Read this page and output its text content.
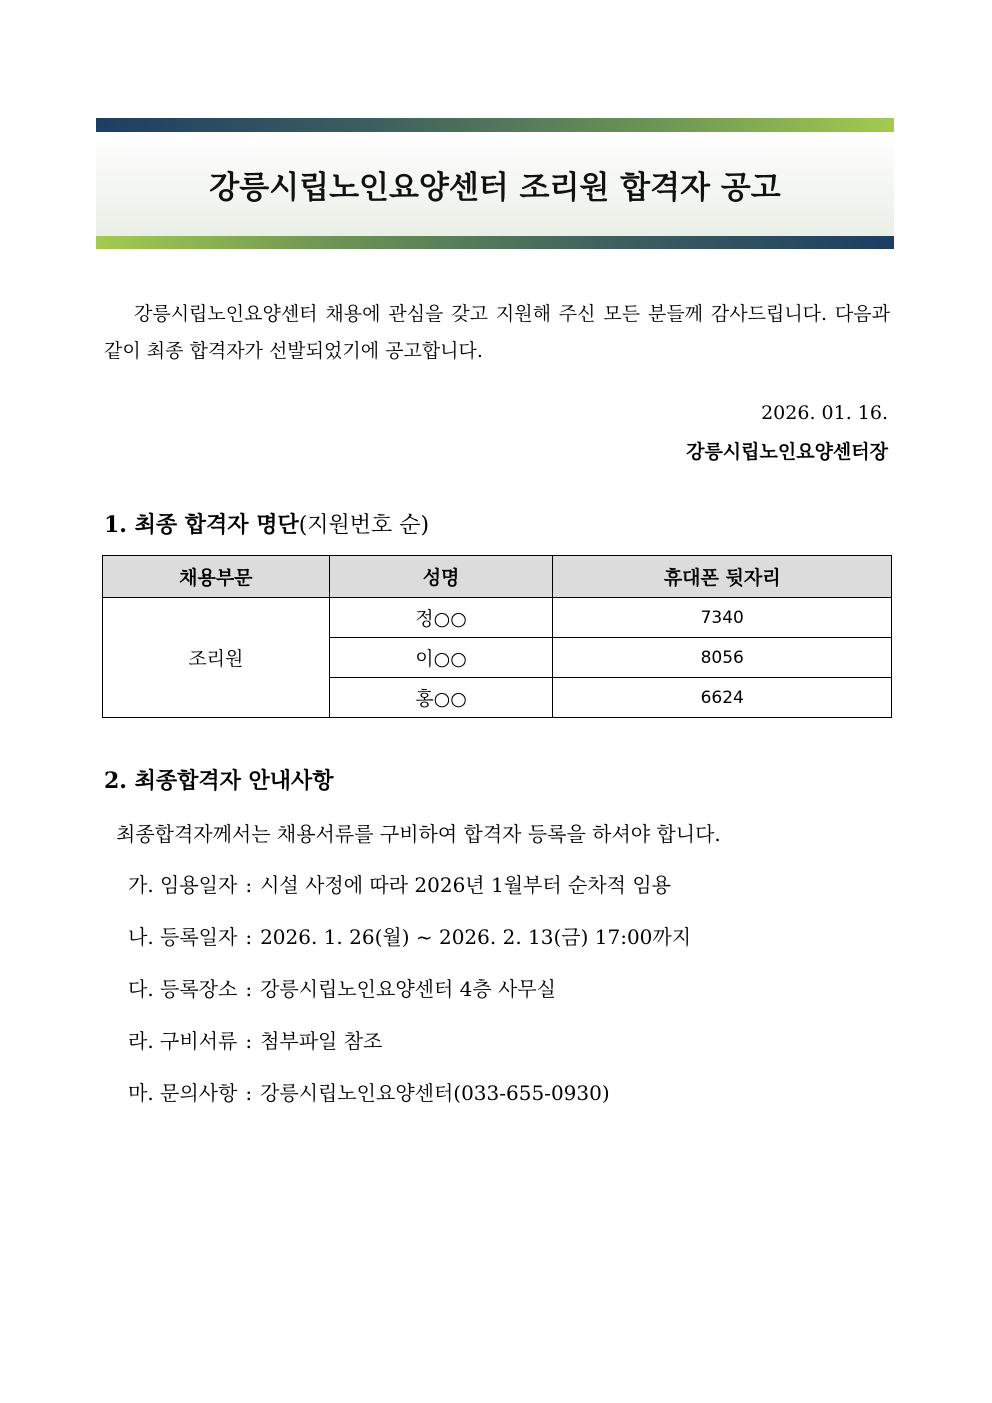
강릉시립노인요양센터 조리원 합격자 공고
강릉시립노인요양센터 채용에 관심을 갖고 지원해 주신 모든 분들께 감사드립니다. 다음과 같이 최종 합격자가 선발되었기에 공고합니다.
2026. 01. 16.
강릉시립노인요양센터장
1. 최종 합격자 명단(지원번호 순)
채용부문	성명	휴대폰 뒷자리
조리원	정○○	7340
	이○○	8056
	홍○○	6624
2. 최종합격자 안내사항
최종합격자께서는 채용서류를 구비하여 합격자 등록을 하셔야 합니다.
가. 임용일자 : 시설 사정에 따라 2026년 1월부터 순차적 임용
나. 등록일자 : 2026. 1. 26(월) ~ 2026. 2. 13(금) 17:00까지
다. 등록장소 : 강릉시립노인요양센터 4층 사무실
라. 구비서류 : 첨부파일 참조
마. 문의사항 : 강릉시립노인요양센터(033-655-0930)
